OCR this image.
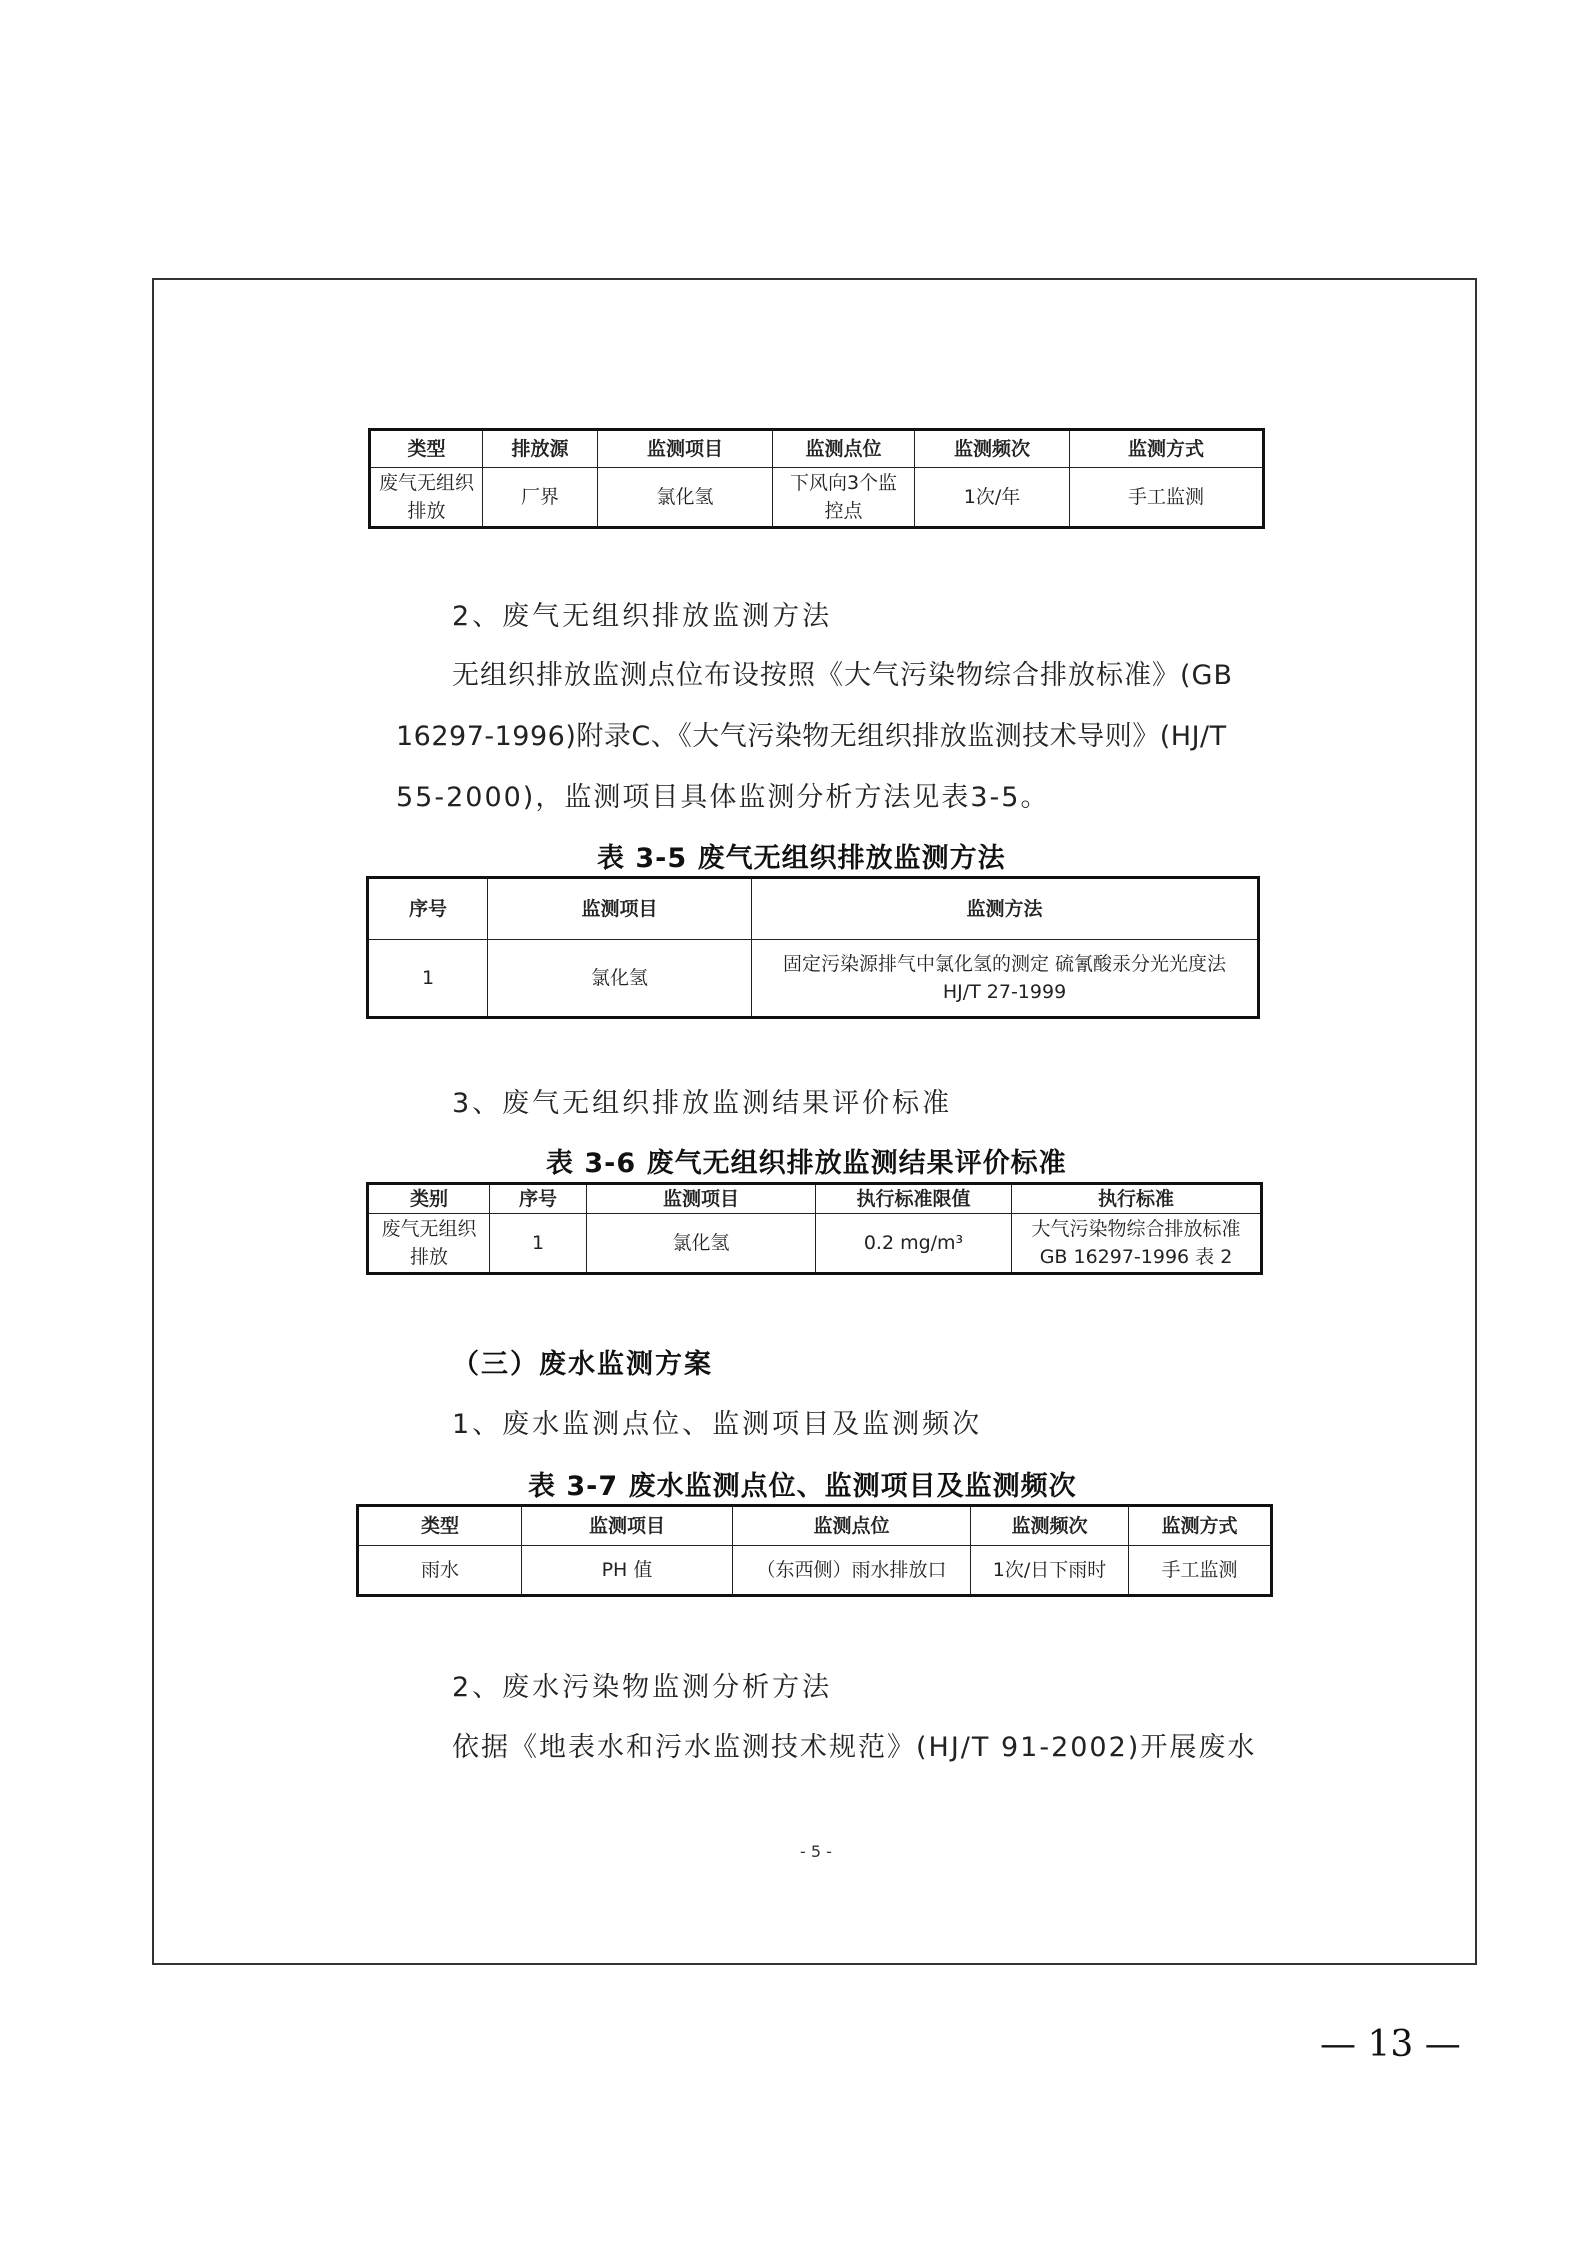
类型	排放源	监测项目	监测点位	监测频次	监测方式
废气无组织排放	厂界	氯化氢	下风向3个监控点	1次/年	手工监测
2、废气无组织排放监测方法
无组织排放监测点位布设按照《大气污染物综合排放标准》(GB
16297-1996)附录C、《大气污染物无组织排放监测技术导则》(HJ/T
55-2000)，监测项目具体监测分析方法见表3-5。
表 3-5 废气无组织排放监测方法
序号	监测项目	监测方法
1	氯化氢	固定污染源排气中氯化氢的测定 硫氰酸汞分光光度法 HJ/T 27-1999
3、废气无组织排放监测结果评价标准
表 3-6 废气无组织排放监测结果评价标准
类别	序号	监测项目	执行标准限值	执行标准
废气无组织排放	1	氯化氢	0.2 mg/m³	大气污染物综合排放标准 GB 16297-1996 表 2
（三）废水监测方案
1、废水监测点位、监测项目及监测频次
表 3-7 废水监测点位、监测项目及监测频次
类型	监测项目	监测点位	监测频次	监测方式
雨水	PH 值	（东西侧）雨水排放口	1次/日下雨时	手工监测
2、废水污染物监测分析方法
依据《地表水和污水监测技术规范》(HJ/T 91-2002)开展废水
- 5 -
— 13 —
